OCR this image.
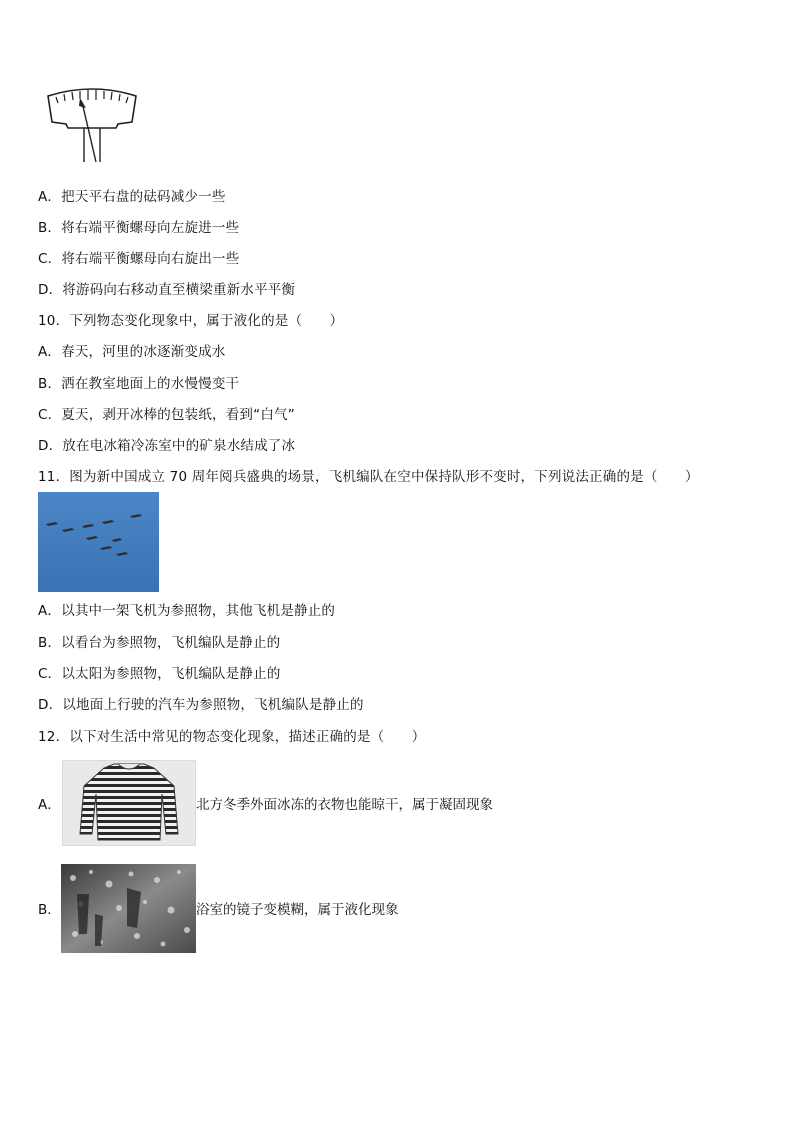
A．把天平右盘的砝码减少一些
B．将右端平衡螺母向左旋进一些
C．将右端平衡螺母向右旋出一些
D．将游码向右移动直至横梁重新水平平衡
10．下列物态变化现象中，属于液化的是（　　）
A．春天，河里的冰逐渐变成水
B．洒在教室地面上的水慢慢变干
C．夏天，剥开冰棒的包装纸，看到“白气”
D．放在电冰箱冷冻室中的矿泉水结成了冰
11．图为新中国成立 70 周年阅兵盛典的场景，飞机编队在空中保持队形不变时，下列说法正确的是（　　）
A．以其中一架飞机为参照物，其他飞机是静止的
B．以看台为参照物，飞机编队是静止的
C．以太阳为参照物，飞机编队是静止的
D．以地面上行驶的汽车为参照物，飞机编队是静止的
12．以下对生活中常见的物态变化现象，描述正确的是（　　）
A．	北方冬季外面冰冻的衣物也能晾干，属于凝固现象
B．	浴室的镜子变模糊，属于液化现象
